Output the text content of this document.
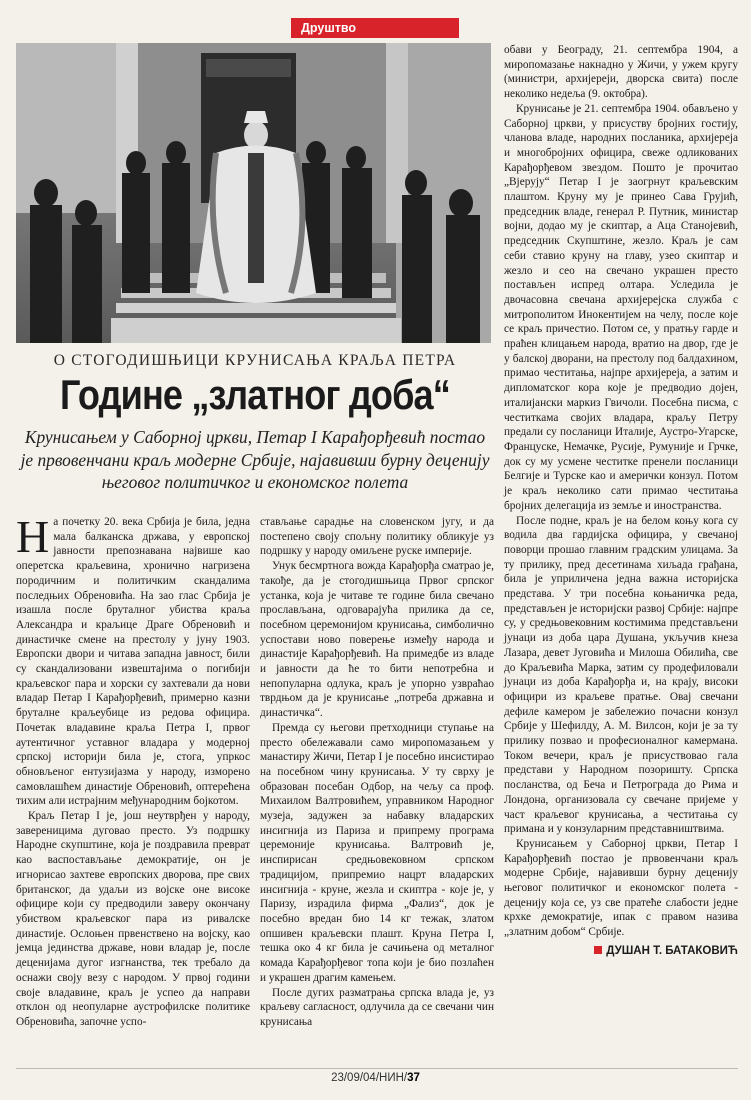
Друштво

обави у Београду, 21. септембра 1904, а миропомазање накнадно у Жичи, у ужем кругу (министри, архијереји, дворска свита) после неколико недеља (9. октобра).

Крунисање је 21. септембра 1904. обављено у Саборној цркви, у присуству бројних гостију, чланова владе, народних посланика, архијереја и многобројних официра, свеже одликованих Карађорђевом звездом. Пошто је прочитао „Вјерују“ Петар I је заогрнут краљевским плаштом. Круну му је принео Сава Грујић, председник владе, генерал Р. Путник, министар војни, додао му је скиптар, а Аца Станојевић, председник Скупштине, жезло. Краљ је сам себи ставио круну на главу, узео скиптар и жезло и сео на свечано украшен престо постављен испред олтара. Уследила је двочасовна свечана архијерејска служба с митрополитом Инокентијем на челу, после које се краљ причестио. Потом се, у пратњу гарде и праћен клицањем народа, вратио на двор, где је у балској дворани, на престолу под балдахином, примао честитања, најпре архијереја, а затим и дипломатског кора које је предводио дојен, италијански маркиз Гвичоли. Посебна писма, с честиткама својих владара, краљу Петру предали су посланици Италије, Аустро-Угарске, Француске, Немачке, Русије, Румуније и Грчке, док су му усмене честитке пренели посланици Белгије и Турске као и амерички конзул. Потом је краљ неколико сати примао честитања бројних делегација из земље и иностранства.

После подне, краљ је на белом коњу кога су водила два гардијска официра, у свечаној поворци прошао главним градским улицама. За ту прилику, пред десетинама хиљада грађана, била је уприличена једна важна историјска представа. У три посебна коњаничка реда, представљен је историјски развој Србије: најпре су, у средњовековним костимима представљени јунаци из доба цара Душана, укључив кнеза Лазара, девет Југовића и Милоша Обилића, све до Краљевића Марка, затим су продефиловали јунаци из доба Карађорђа и, на крају, високи официри из краљеве пратње. Овај свечани дефиле камером је забележио почасни конзул Србије у Шефилду, А. М. Вилсон, који је за ту прилику позвао и професионалног камермана. Током вечери, краљ је присуствовао гала представи у Народном позоришту. Српска посланства, од Беча и Петрограда до Рима и Лондона, организовала су свечане пријеме у част краљевог крунисања, а честитања су примана и у конзуларним представништвима.

Крунисањем у Саборној цркви, Петар I Карађорђевић постао је првовенчани краљ модерне Србије, најавивши бурну деценију његовог политичког и економског полета - деценију која се, уз све пратеће слабости једне крхке демократије, ипак с правом назива „златним добом“ Србије.

ДУШАН Т. БАТАКОВИЋ
О СТОГОДИШЊИЦИ КРУНИСАЊА КРАЉА ПЕТРА
Године „златног доба“
Крунисањем у Саборној цркви, Петар I Карађорђевић постао је првовенчани краљ модерне Србије, најавивши бурну деценију његовог политичког и економског полета

На почетку 20. века Србија је била, једна мала балканска држава, у европској јавности препознавана највише као оперетска краљевина, хронично нагризена породичним и политичким скандалима последњих Обреновића. На зао глас Србија је изашла после бруталног убиства краља Александра и краљице Драге Обреновић и династичке смене на престолу у јуну 1903. Европски двори и читава западна јавност, били су скандализовани извештајима о погибији краљевског пара и хорски су захтевали да нови владар Петар I Карађорђевић, примерно казни бруталне краљеубице из редова официра. Почетак владавине краља Петра I, првог аутентичног уставног владара у модерној српској историји била је, стога, упркос обновљеног ентузијазма у народу, изморено самовлашћем династије Обреновић, оптерећена тихим али истрајним међународним бојкотом.

Краљ Петар I је, још неутврђен у народу, завереницима дуговао престо. Уз подршку Народне скупштине, која је поздравила преврат као васпостављање демократије, он је игнорисао захтеве европских дворова, пре свих британског, да удаљи из војске оне високе официре који су предводили заверу окончану убиством краљевског пара из ривалске династије. Ослоњен првенствено на војску, као јемца јединства државе, нови владар је, после деценијама дугог изгнанства, тек требало да оснажи своју везу с народом. У првој години своје владавине, краљ је успео да направи отклон од неопуларне аустрофилске политике Обреновића, започне успо-

стављање сарадње на словенском југу, и да постепено своју спољну политику обликује уз подршку у народу омиљене руске империје.

Унук бесмртнога вожда Карађорђа сматрао је, такође, да је стогодишњица Првог српског устанка, која је читаве те године била свечано прослављана, одговарајућа прилика да се, посебном церемонијом крунисања, симболично успостави ново поверење између народа и династије Карађорђевић. На примедбе из владе и јавности да ће то бити непотребна и непопуларна одлука, краљ је упорно узвраћао тврдњом да је крунисање „потреба државна и династичка“.

Премда су његови претходници ступање на престо обележавали само миропомазањем у манастиру Жичи, Петар I је посебно инсистирао на посебном чину крунисања. У ту сврху је образован посебан Одбор, на чељу са проф. Михаилом Валтровићем, управником Народног музеја, задужен за набавку владарских инсигнија из Париза и припрему програма церемоније крунисања. Валтровић је, инспирисан средњовековном српском традицијом, припремио нацрт владарских инсигнија - круне, жезла и скиптра - које је, у Паризу, израдила фирма „Фализ“, док је посебно вредан био 14 кг тежак, златом опшивен краљевски плашт. Круна Петра I, тешка око 4 кг била је сачињена од металног комада Карађорђевог топа који је био позлаћен и украшен драгим камењем.

После дугих разматрања српска влада је, уз краљеву сагласност, одлучила да се свечани чин крунисања

23/09/04/НИН/37
